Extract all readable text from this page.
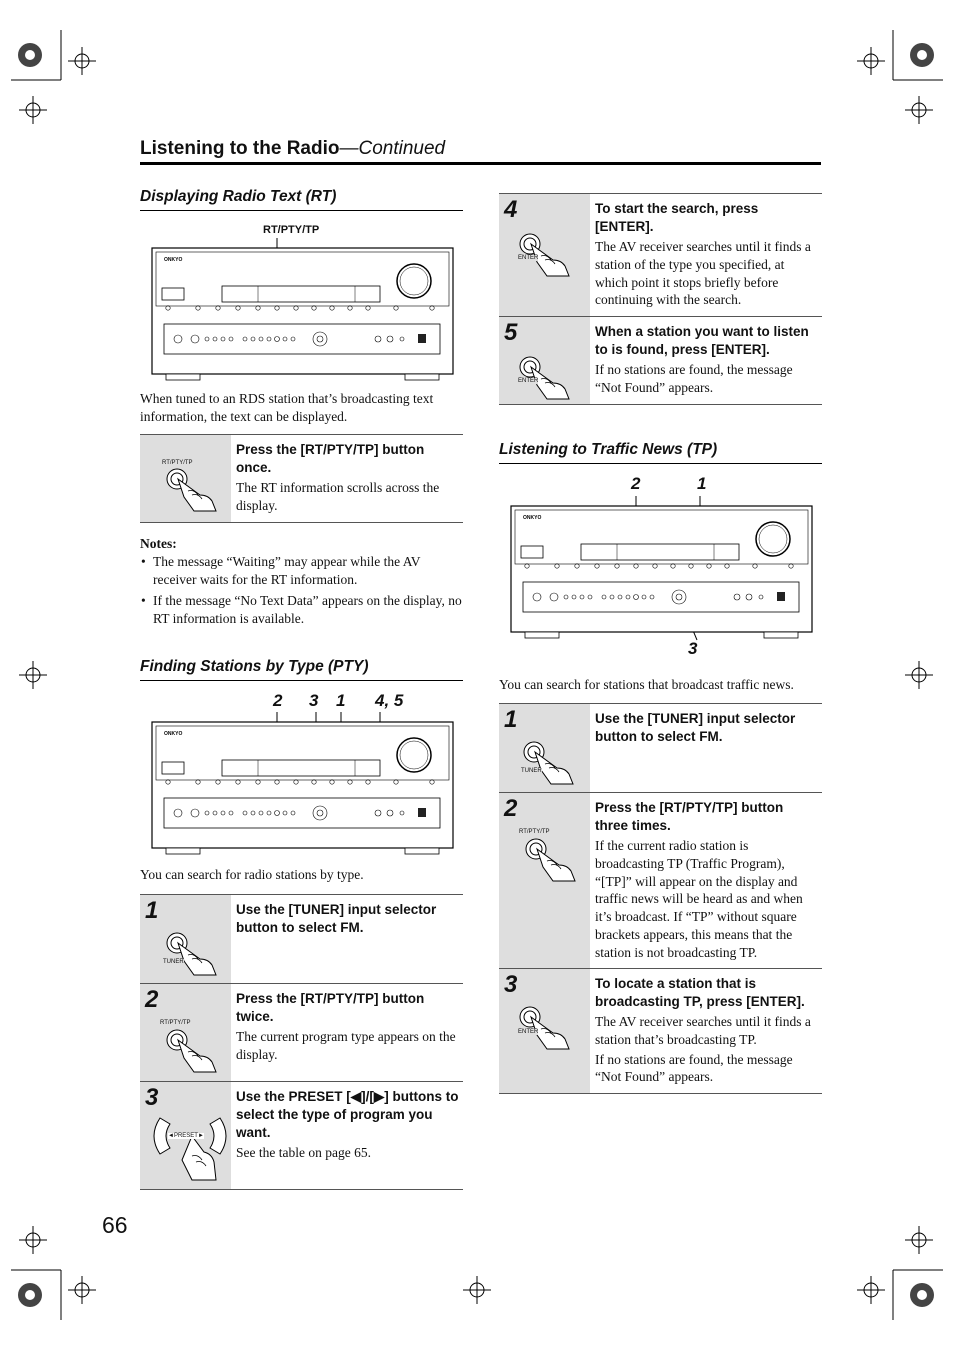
Listening to the Radio—Continued
Displaying Radio Text (RT)
RT/PTY/TP
ONKYO
When tuned to an RDS station that’s broadcasting text information, the text can be displayed.
RT/PTY/TP
Press the [RT/PTY/TP] button once.
The RT information scrolls across the display.
Notes:
• The message “Waiting” may appear while the AV receiver waits for the RT information.
• If the message “No Text Data” appears on the display, no RT information is available.
Finding Stations by Type (PTY)
2 3 1 4, 5
ONKYO
You can search for radio stations by type.
1
TUNER
Use the [TUNER] input selector button to select FM.
2
RT/PTY/TP
Press the [RT/PTY/TP] button twice.
The current program type appears on the display.
3
◄PRESET►
Use the PRESET [◀]/[▶] buttons to select the type of program you want.
See the table on page 65.
4
ENTER
To start the search, press [ENTER].
The AV receiver searches until it finds a station of the type you specified, at which point it stops briefly before continuing with the search.
5
ENTER
When a station you want to listen to is found, press [ENTER].
If no stations are found, the message “Not Found” appears.
Listening to Traffic News (TP)
2	1
3
ONKYO
You can search for stations that broadcast traffic news.
1
TUNER
Use the [TUNER] input selector button to select FM.
2
RT/PTY/TP
Press the [RT/PTY/TP] button three times.
If the current radio station is broadcasting TP (Traffic Program), “[TP]” will appear on the display and traffic news will be heard as and when it’s broadcast. If “TP” without square brackets appears, this means that the station is not broadcasting TP.
3
ENTER
To locate a station that is broadcasting TP, press [ENTER].
The AV receiver searches until it finds a station that’s broadcasting TP.
If no stations are found, the message “Not Found” appears.
66
